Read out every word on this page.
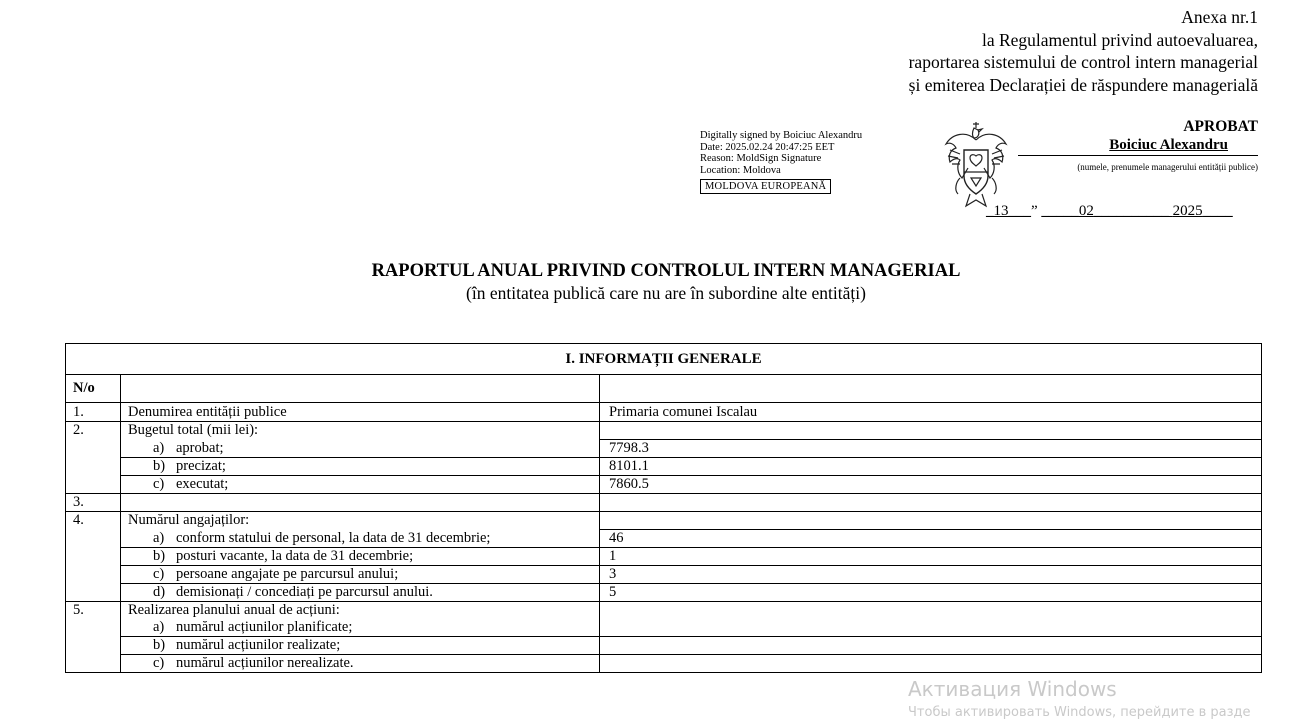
Anexa nr.1
la Regulamentul privind autoevaluarea,
raportarea sistemului de control intern managerial
și emiterea Declarației de răspundere managerială
Digitally signed by Boiciuc Alexandru
Date: 2025.02.24 20:47:25 EET
Reason: MoldSign Signature
Location: Moldova
MOLDOVA EUROPEANĂ
APROBAT
Boiciuc Alexandru
(numele, prenumele managerului entității publice)
_13___” _____02__________ 2025____
RAPORTUL ANUAL PRIVIND CONTROLUL INTERN MANAGERIAL
(în entitatea publică care nu are în subordine alte entități)
I. INFORMAȚII GENERALE		
N/o		
1.	Denumirea entității publice	Primaria comunei Iscalau
2.	Bugetul total (mii lei):	
	a) aprobat;	7798.3
	b) precizat;	8101.1
	c) executat;	7860.5
3.		
4.	Numărul angajaților:	
	a) conform statului de personal, la data de 31 decembrie;	46
	b) posturi vacante, la data de 31 decembrie;	1
	c) persoane angajate pe parcursul anului;	3
	d) demisionați / concediați pe parcursul anului.	5
5.	Realizarea planului anual de acțiuni:	
	a) numărul acțiunilor planificate;	
	b) numărul acțiunilor realizate;	
	c) numărul acțiunilor nerealizate.	
Активация Windows
Чтобы активировать Windows, перейдите в разде
